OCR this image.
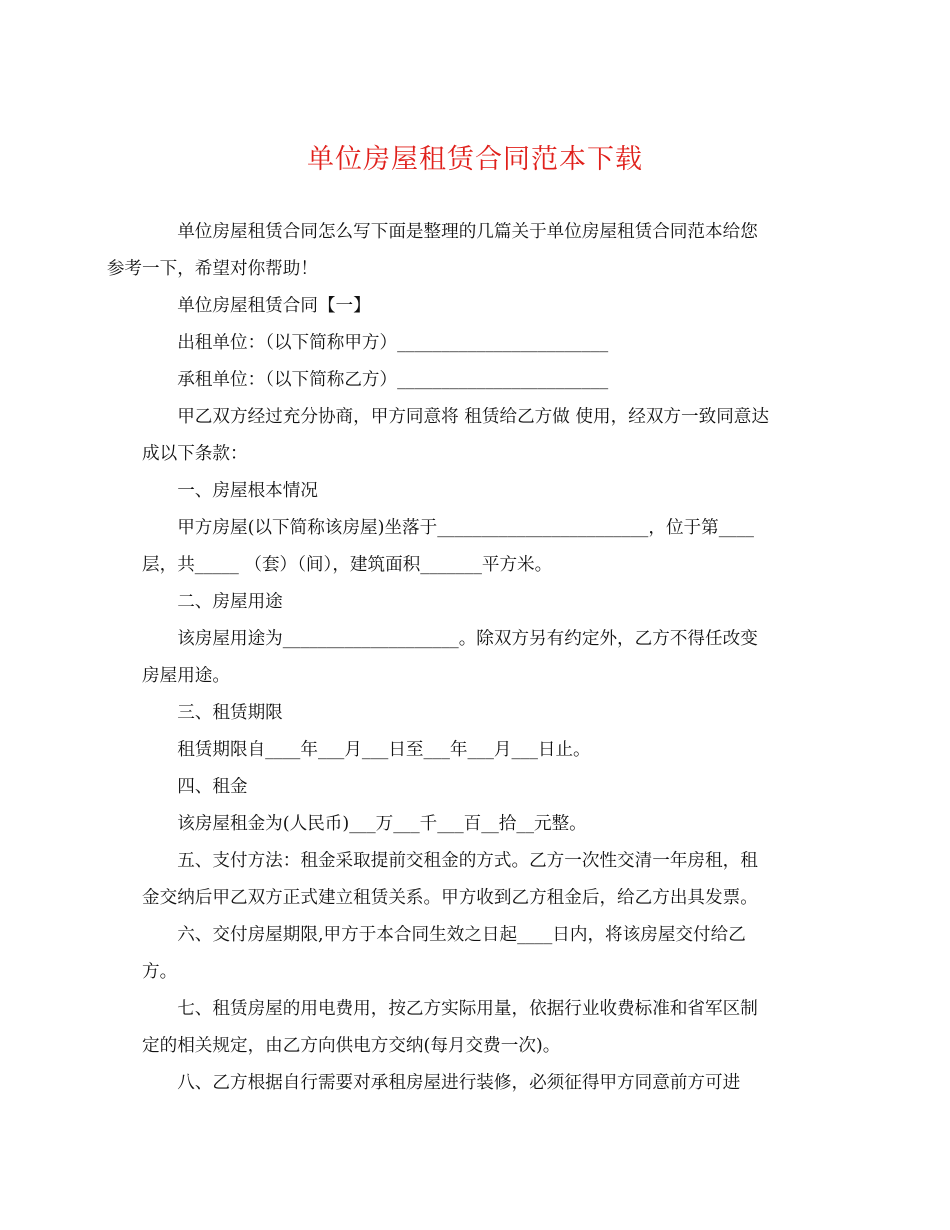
单位房屋租赁合同范本下载

单位房屋租赁合同怎么写下面是整理的几篇关于单位房屋租赁合同范本给您
参考一下，希望对你帮助！

单位房屋租赁合同【一】

出租单位：（以下简称甲方）________________________

承租单位：（以下简称乙方）________________________

甲乙双方经过充分协商，甲方同意将 租赁给乙方做 使用，经双方一致同意达
成以下条款：

一、房屋根本情况

甲方房屋(以下简称该房屋)坐落于________________________，位于第____
层，共_____ （套）（间），建筑面积_______平方米。

二、房屋用途

该房屋用途为____________________。除双方另有约定外，乙方不得任改变
房屋用途。

三、租赁期限

租赁期限自____年___月___日至___年___月___日止。

四、租金

该房屋租金为(人民币)___万___千___百__拾__元整。

五、支付方法：租金采取提前交租金的方式。乙方一次性交清一年房租，租
金交纳后甲乙双方正式建立租赁关系。甲方收到乙方租金后，给乙方出具发票。

六、交付房屋期限,甲方于本合同生效之日起____日内，将该房屋交付给乙
方。

七、租赁房屋的用电费用，按乙方实际用量，依据行业收费标准和省军区制
定的相关规定，由乙方向供电方交纳(每月交费一次)。

八、乙方根据自行需要对承租房屋进行装修，必须征得甲方同意前方可进
